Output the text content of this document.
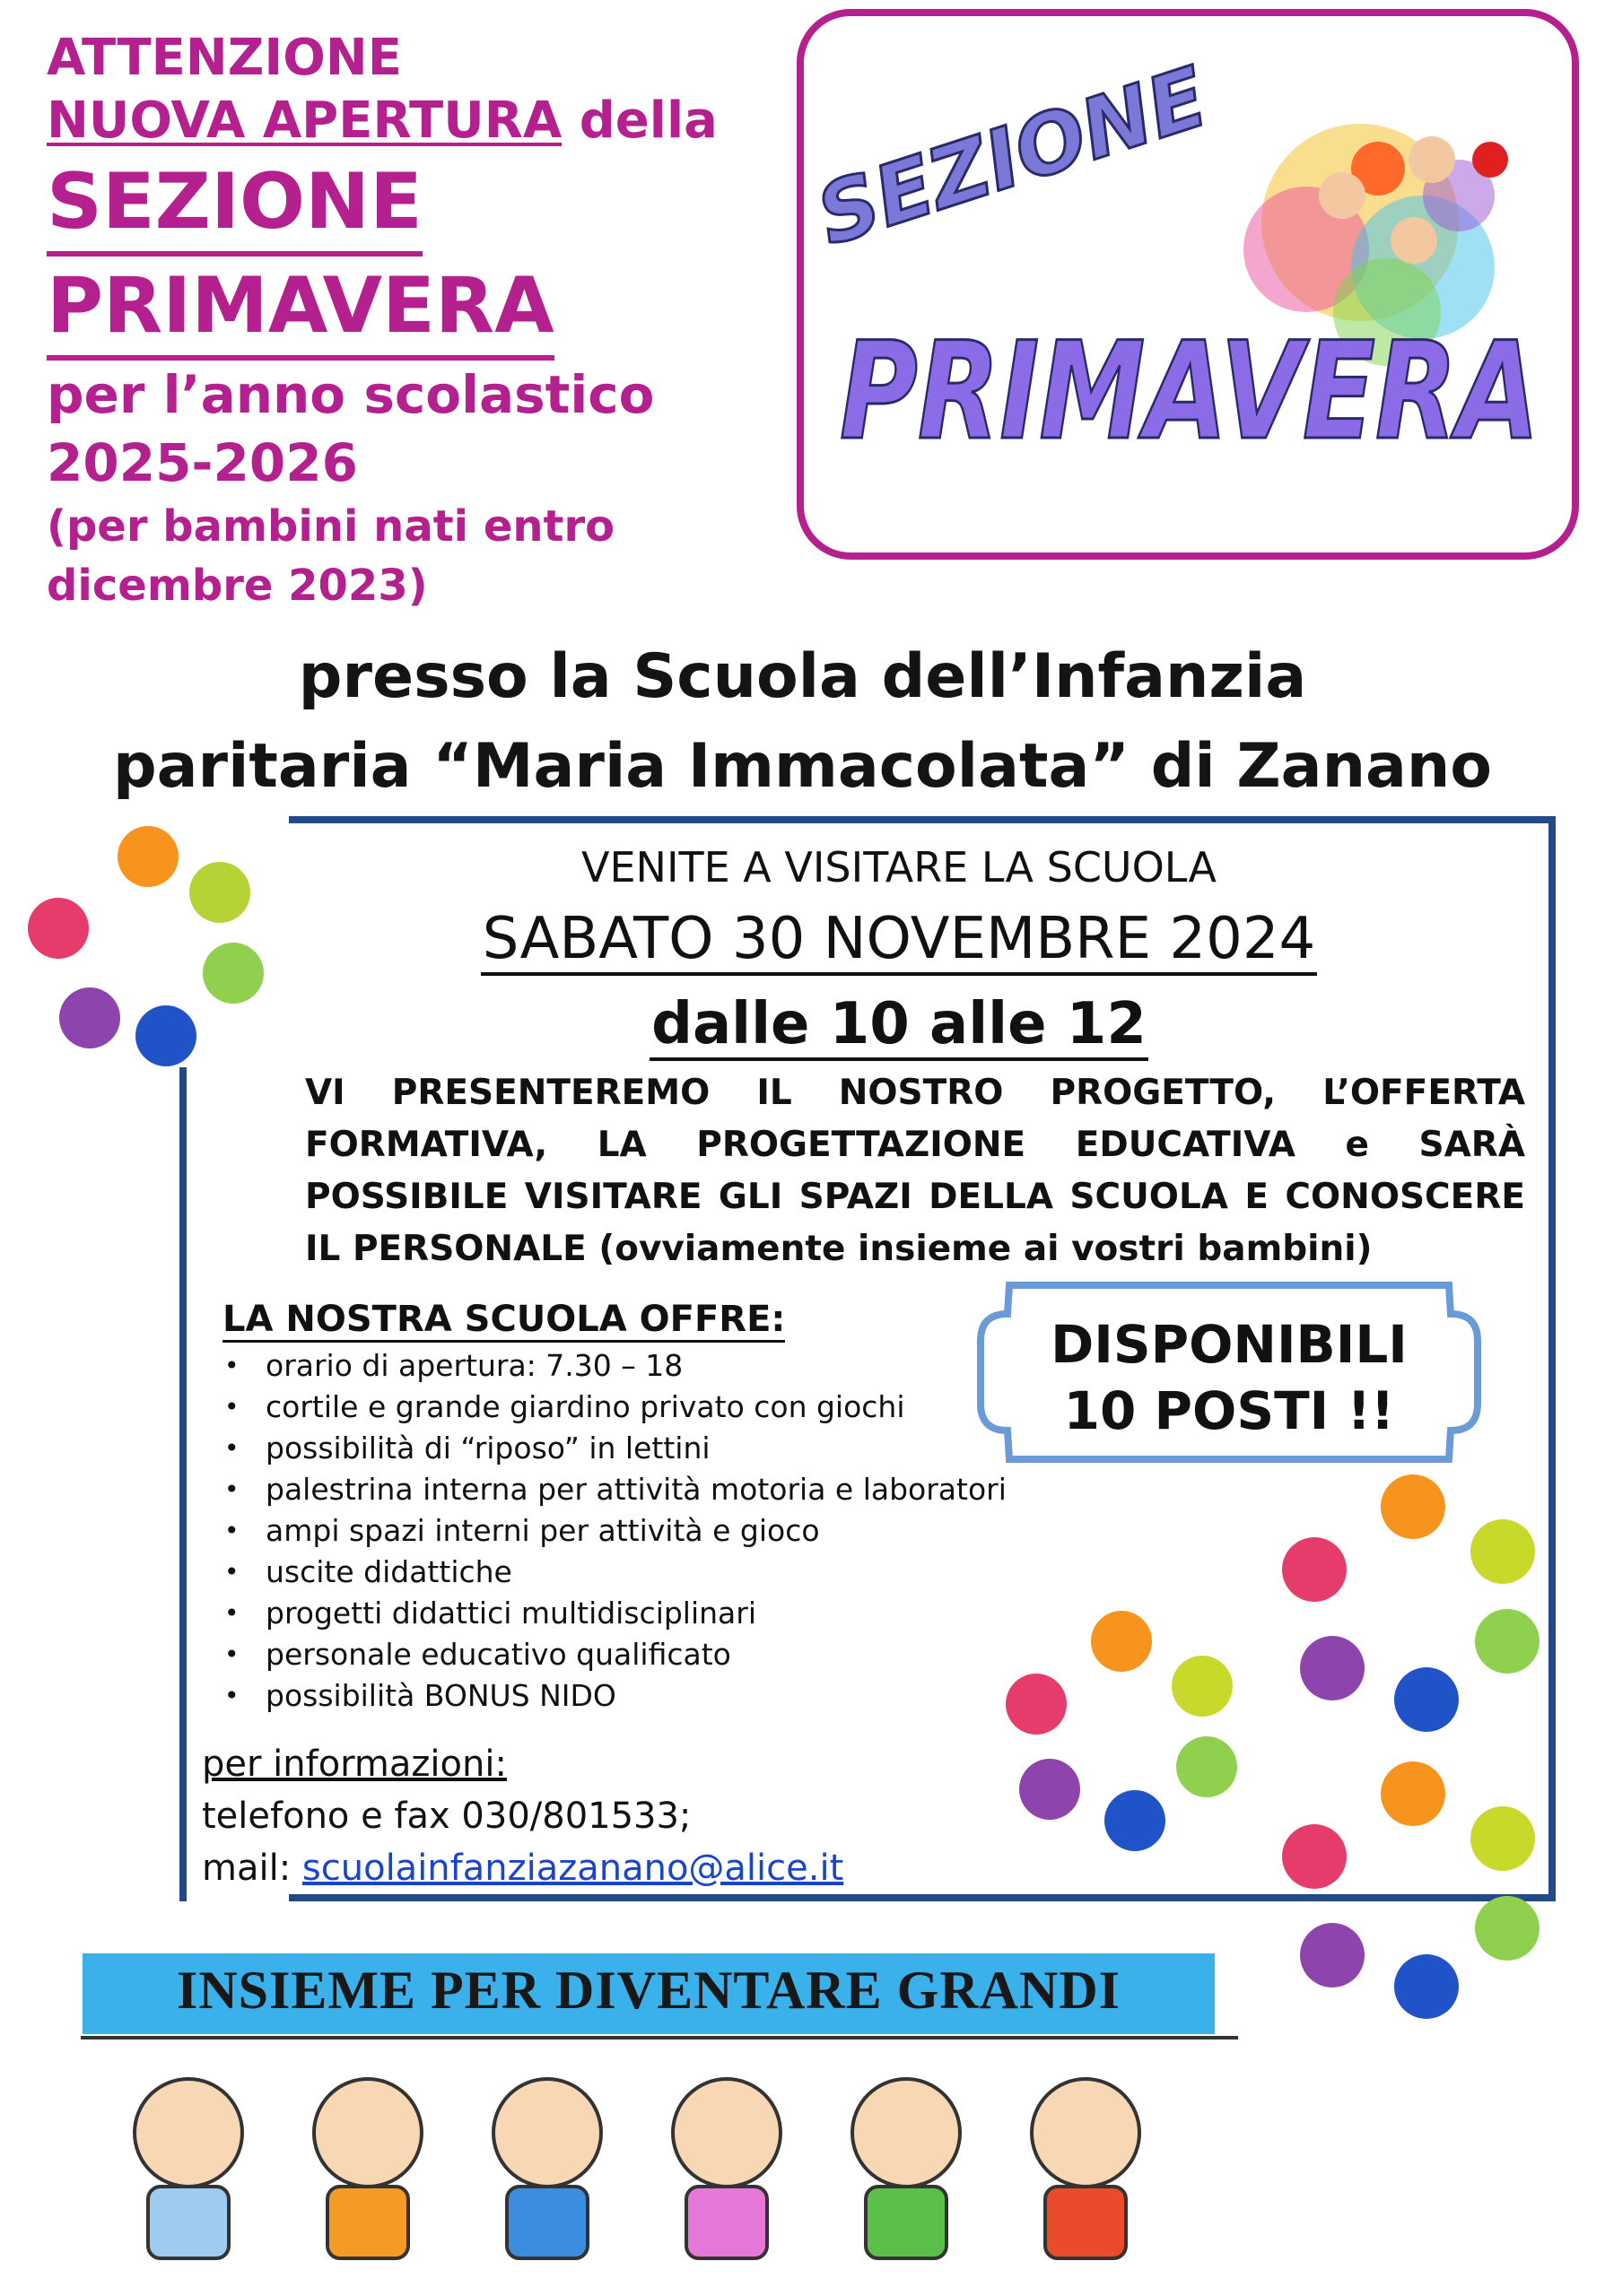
ATTENZIONE
NUOVA APERTURA della
SEZIONE
PRIMAVERA
per l’anno scolastico
2025-2026
(per bambini nati entro
dicembre 2023)
SEZIONE
PRIMAVERA
presso la Scuola dell’Infanzia
paritaria “Maria Immacolata” di Zanano
VENITE A VISITARE LA SCUOLA
SABATO 30 NOVEMBRE 2024
dalle 10 alle 12
VI PRESENTEREMO IL NOSTRO PROGETTO, L’OFFERTA FORMATIVA, LA PROGETTAZIONE EDUCATIVA e SARÀ POSSIBILE VISITARE GLI SPAZI DELLA SCUOLA E CONOSCERE IL PERSONALE (ovviamente insieme ai vostri bambini)
LA NOSTRA SCUOLA OFFRE:
• orario di apertura: 7.30 – 18
• cortile e grande giardino privato con giochi
• possibilità di “riposo” in lettini
• palestrina interna per attività motoria e laboratori
• ampi spazi interni per attività e gioco
• uscite didattiche
• progetti didattici multidisciplinari
• personale educativo qualificato
• possibilità BONUS NIDO
DISPONIBILI
10 POSTI !!
per informazioni:
telefono e fax 030/801533;
mail: scuolainfanziazanano@alice.it
INSIEME PER DIVENTARE GRANDI
